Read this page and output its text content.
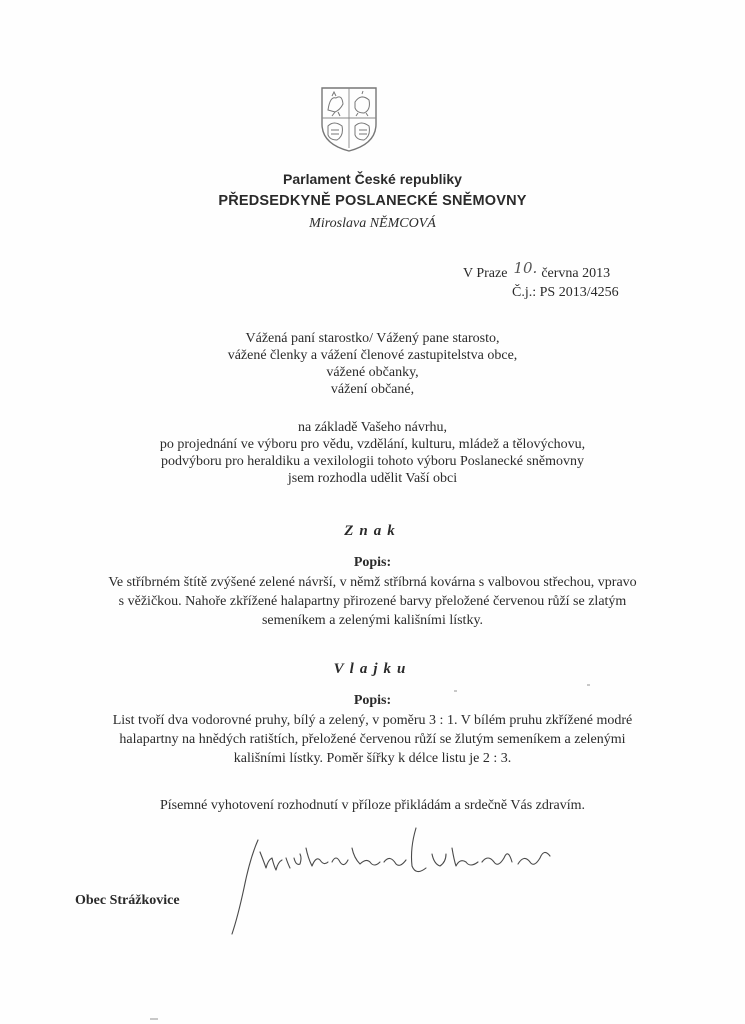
Parlament České republiky
PŘEDSEDKYNĚ POSLANECKÉ SNĚMOVNY
Miroslava NĚMCOVÁ
V Praze 10. června 2013
Č.j.: PS 2013/4256
Vážená paní starostko/ Vážený pane starosto,
vážené členky a vážení členové zastupitelstva obce,
vážené občanky,
vážení občané,
na základě Vašeho návrhu,
po projednání ve výboru pro vědu, vzdělání, kulturu, mládež a tělovýchovu,
podvýboru pro heraldiku a vexilologii tohoto výboru Poslanecké sněmovny
jsem rozhodla udělit Vaší obci
Znak
Popis:
Ve stříbrném štítě zvýšené zelené návrší, v němž stříbrná kovárna s valbovou střechou, vpravo
s věžičkou. Nahoře zkřížené halapartny přirozené barvy přeložené červenou růží se zlatým
semeníkem a zelenými kališními lístky.
Vlajku
Popis:
List tvoří dva vodorovné pruhy, bílý a zelený, v poměru 3 : 1. V bílém pruhu zkřížené modré
halapartny na hnědých ratištích, přeložené červenou růží se žlutým semeníkem a zelenými
kališními lístky. Poměr šířky k délce listu je 2 : 3.
Písemné vyhotovení rozhodnutí v příloze přikládám a srdečně Vás zdravím.
Obec Strážkovice
